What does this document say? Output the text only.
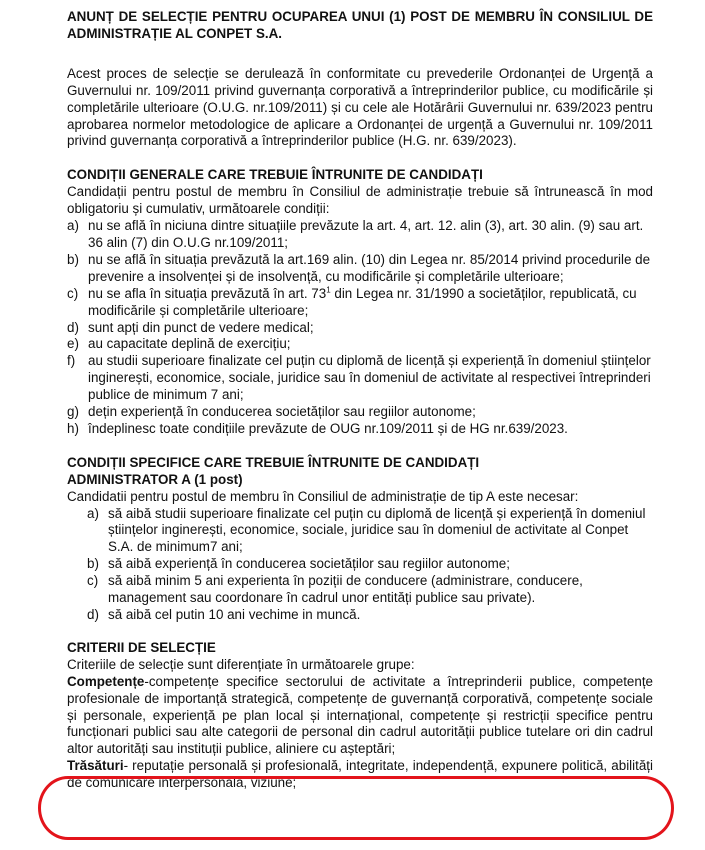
ANUNȚ DE SELECȚIE PENTRU OCUPAREA UNUI (1) POST DE MEMBRU ÎN CONSILIUL DE ADMINISTRAȚIE AL CONPET S.A.

Acest proces de selecție se derulează în conformitate cu prevederile Ordonanței de Urgență a Guvernului nr. 109/2011 privind guvernanța corporativă a întreprinderilor publice, cu modificările și completările ulterioare (O.U.G. nr.109/2011) și cu cele ale Hotărârii Guvernului nr. 639/2023 pentru aprobarea normelor metodologice de aplicare a Ordonanței de urgență a Guvernului nr. 109/2011 privind guvernanța corporativă a întreprinderilor publice (H.G. nr. 639/2023).

CONDIȚII GENERALE CARE TREBUIE ÎNTRUNITE DE CANDIDAȚI

Candidații pentru postul de membru în Consiliul de administrație trebuie să întrunească în mod obligatoriu și cumulativ, următoarele condiții:

a) nu se află în niciuna dintre situațiile prevăzute la art. 4, art. 12. alin (3), art. 30 alin. (9) sau art. 36 alin (7) din O.U.G nr.109/2011;
b) nu se află în situația prevăzută la art.169 alin. (10) din Legea nr. 85/2014 privind procedurile de prevenire a insolvenței și de insolvență, cu modificările și completările ulterioare;
c) nu se afla în situația prevăzută în art. $73^1$ din Legea nr. 31/1990 a societăților, republicată, cu modificările și completările ulterioare;
d) sunt apți din punct de vedere medical;
e) au capacitate deplină de exercițiu;
f) au studii superioare finalizate cel puțin cu diplomă de licență și experiență în domeniul științelor inginerești, economice, sociale, juridice sau în domeniul de activitate al respectivei întreprinderi publice de minimum 7 ani;
g) dețin experiență în conducerea societăților sau regiilor autonome;
h) îndeplinesc toate condițiile prevăzute de OUG nr.109/2011 și de HG nr.639/2023.
CONDIȚII SPECIFICE CARE TREBUIE ÎNTRUNITE DE CANDIDAȚI
ADMINISTRATOR A (1 post)

Candidatii pentru postul de membru în Consiliul de administrație de tip A este necesar:

a) să aibă studii superioare finalizate cel puțin cu diplomă de licență și experiență în domeniul științelor inginerești, economice, sociale, juridice sau în domeniul de activitate al Conpet S.A. de minimum7 ani;
b) să aibă experiență în conducerea societăților sau regiilor autonome;
c) să aibă minim 5 ani experienta în poziții de conducere (administrare, conducere, management sau coordonare în cadrul unor entități publice sau private).
d) să aibă cel putin 10 ani vechime in muncă.
CRITERII DE SELECȚIE

Criteriile de selecție sunt diferențiate în următoarele grupe:

Competențe-competențe specifice sectorului de activitate a întreprinderii publice, competențe profesionale de importanță strategică, competențe de guvernanță corporativă, competențe sociale și personale, experiență pe plan local și internațional, competențe și restricții specifice pentru funcționari publici sau alte categorii de personal din cadrul autorității publice tutelare ori din cadrul altor autorități sau instituții publice, aliniere cu așteptări;

Trăsături- reputație personală și profesională, integritate, independență, expunere politică, abilități de comunicare interpersonală, viziune;
